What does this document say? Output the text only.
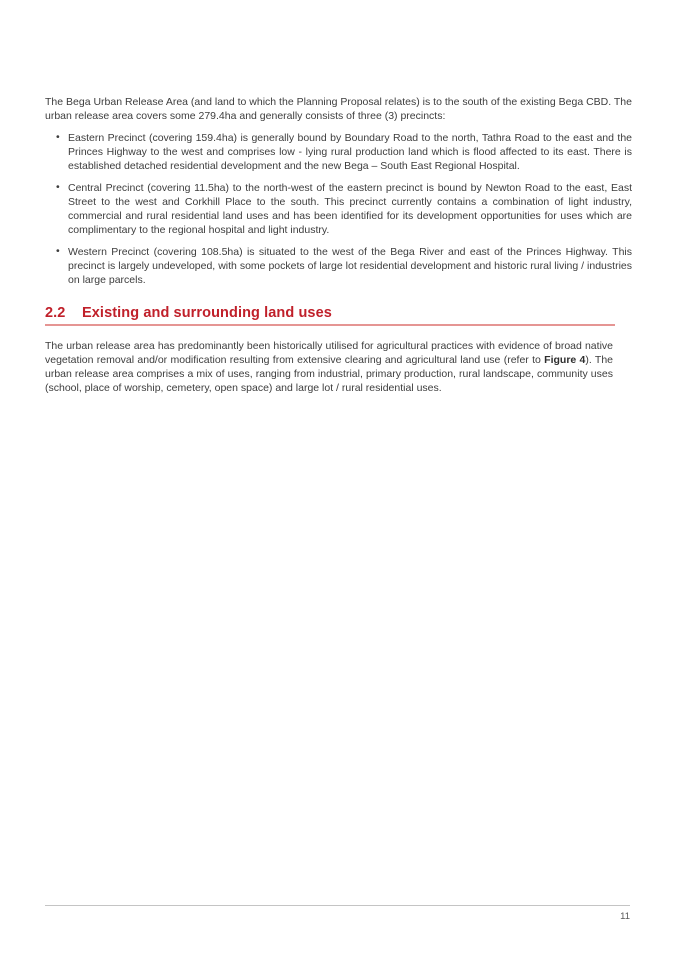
The Bega Urban Release Area (and land to which the Planning Proposal relates) is to the south of the existing Bega CBD. The urban release area covers some 279.4ha and generally consists of three (3) precincts:

• Eastern Precinct (covering 159.4ha) is generally bound by Boundary Road to the north, Tathra Road to the east and the Princes Highway to the west and comprises low - lying rural production land which is flood affected to its east. There is established detached residential development and the new Bega – South East Regional Hospital.
• Central Precinct (covering 11.5ha) to the north-west of the eastern precinct is bound by Newton Road to the east, East Street to the west and Corkhill Place to the south. This precinct currently contains a combination of light industry, commercial and rural residential land uses and has been identified for its development opportunities for uses which are complimentary to the regional hospital and light industry.
• Western Precinct (covering 108.5ha) is situated to the west of the Bega River and east of the Princes Highway. This precinct is largely undeveloped, with some pockets of large lot residential development and historic rural living / industries on large parcels.
2.2 Existing and surrounding land uses

The urban release area has predominantly been historically utilised for agricultural practices with evidence of broad native vegetation removal and/or modification resulting from extensive clearing and agricultural land use (refer to Figure 4). The urban release area comprises a mix of uses, ranging from industrial, primary production, rural landscape, community uses (school, place of worship, cemetery, open space) and large lot / rural residential uses.

11
